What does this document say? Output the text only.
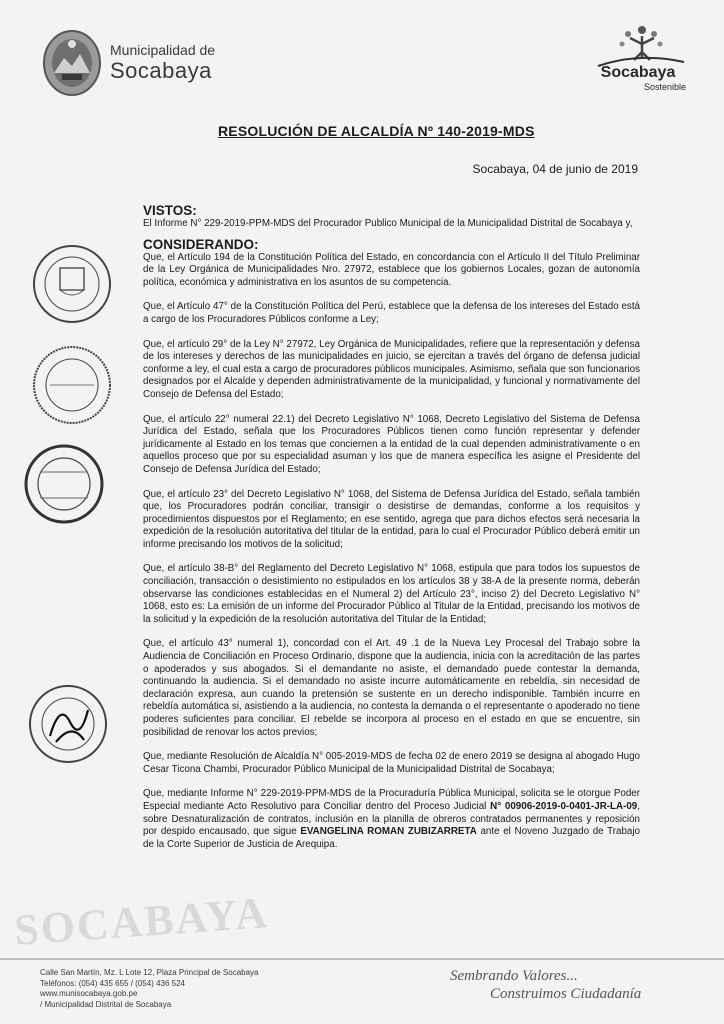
Municipalidad de
Socabaya	Socabaya
Sostenible
RESOLUCIÓN DE ALCALDÍA Nº 140-2019-MDS
Socabaya, 04 de junio de 2019
VISTOS:

El Informe N° 229-2019-PPM-MDS del Procurador Publico Municipal de la Municipalidad Distrital de Socabaya y,

CONSIDERANDO:

Que, el Artículo 194 de la Constitución Política del Estado, en concordancia con el Artículo II del Título Preliminar de la Ley Orgánica de Municipalidades Nro. 27972, establece que los gobiernos Locales, gozan de autonomía política, económica y administrativa en los asuntos de su competencia.

Que, el Artículo 47° de la Constitución Política del Perú, establece que la defensa de los intereses del Estado está a cargo de los Procuradores Públicos conforme a Ley;

Que, el artículo 29° de la Ley N° 27972, Ley Orgánica de Municipalidades, refiere que la representación y defensa de los intereses y derechos de las municipalidades en juicio, se ejercitan a través del órgano de defensa judicial conforme a ley, el cual esta a cargo de procuradores públicos municipales. Asimismo, señala que son funcionarios designados por el Alcalde y dependen administrativamente de la municipalidad, y funcional y normativamente del Consejo de Defensa del Estado;

Que, el artículo 22° numeral 22.1) del Decreto Legislativo N° 1068, Decreto Legislativo del Sistema de Defensa Jurídica del Estado, señala que los Procuradores Públicos tienen como función representar y defender jurídicamente al Estado en los temas que conciernen a la entidad de la cual dependen administrativamente o en aquellos proceso que por su especialidad asuman y los que de manera específica les asigne el Presidente del Consejo de Defensa Jurídica del Estado;

Que, el artículo 23° del Decreto Legislativo N° 1068, del Sistema de Defensa Jurídica del Estado, señala también que, los Procuradores podrán conciliar, transigir o desistirse de demandas, conforme a los requisitos y procedimientos dispuestos por el Reglamento; en ese sentido, agrega que para dichos efectos será necesaria la expedición de la resolución autoritativa del titular de la entidad, para lo cual el Procurador Público deberá emitir un informe precisando los motivos de la solicitud;

Que, el artículo 38-B° del Reglamento del Decreto Legislativo N° 1068, estipula que para todos los supuestos de conciliación, transacción o desistimiento no estipulados en los artículos 38 y 38-A de la presente norma, deberán observarse las condiciones establecidas en el Numeral 2) del Artículo 23°, inciso 2) del Decreto Legislativo N° 1068, esto es: La emisión de un informe del Procurador Público al Titular de la Entidad, precisando los motivos de la solicitud y la expedición de la resolución autoritativa del Titular de la Entidad;

Que, el artículo 43° numeral 1), concordad con el Art. 49 .1 de la Nueva Ley Procesal del Trabajo sobre la Audiencia de Conciliación en Proceso Ordinario, dispone que la audiencia, inicia con la acreditación de las partes o apoderados y sus abogados. Si el demandante no asiste, el demandado puede contestar la demanda, continuando la audiencia. Si el demandado no asiste incurre automáticamente en rebeldía, sin necesidad de declaración expresa, aun cuando la pretensión se sustente en un derecho indisponible. También incurre en rebeldía automática si, asistiendo a la audiencia, no contesta la demanda o el representante o apoderado no tiene poderes suficientes para conciliar. El rebelde se incorpora al proceso en el estado en que se encuentre, sin posibilidad de renovar los actos previos;

Que, mediante Resolución de Alcaldía N° 005-2019-MDS de fecha 02 de enero 2019 se designa al abogado Hugo Cesar Ticona Chambi, Procurador Público Municipal de la Municipalidad Distrital de Socabaya;

Que, mediante Informe N° 229-2019-PPM-MDS de la Procuraduría Pública Municipal, solicita se le otorgue Poder Especial mediante Acto Resolutivo para Conciliar dentro del Proceso Judicial N° 00906-2019-0-0401-JR-LA-09, sobre Desnaturalización de contratos, inclusión en la planilla de obreros contratados permanentes y reposición por despido encausado, que sigue EVANGELINA ROMAN ZUBIZARRETA ante el Noveno Juzgado de Trabajo de la Corte Superior de Justicia de Arequipa.

SOCABAYA
Calle San Martín, Mz. L Lote 12, Plaza Principal de Socabaya
Teléfonos: (054) 435 655 / (054) 436 524
www.munisocabaya.gob.pe
/ Municipalidad Distrital de Socabaya
Sembrando Valores...
Construimos Ciudadanía
